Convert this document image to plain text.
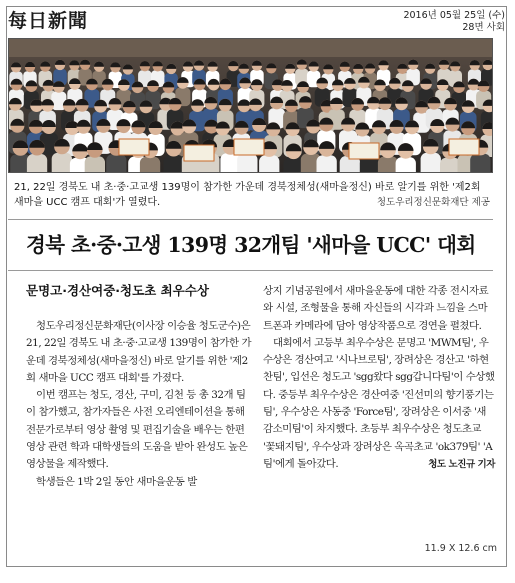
每日新聞	2016년 05월 25일 (수)
28면 사회
21, 22일 경북도 내 초·중·고교생 139명이 참가한 가운데 경북정체성(새마을정신) 바로 알기를 위한 '제2회 새마을 UCC 캠프 대회'가 열렸다.	청도우리정신문화재단 제공
경북 초·중·고생 139명 32개팀 '새마을 UCC' 대회
문명고·경산여중·청도초 최우수상
청도우리정신문화재단(이사장 이승율 청도군수)은 21, 22일 경북도 내 초·중·고교생 139명이 참가한 가운데 경북정체성(새마을정신) 바로 알기를 위한 '제2회 새마을 UCC 캠프 대회'를 가졌다.
이번 캠프는 청도, 경산, 구미, 김천 등 총 32개 팀이 참가했고, 참가자들은 사전 오리엔테이션을 통해 전문가로부터 영상 촬영 및 편집기술을 배우는 한편 영상 관련 학과 대학생들의 도움을 받아 완성도 높은 영상물을 제작했다.
학생들은 1박 2일 동안 새마을운동 발
상지 기념공원에서 새마을운동에 대한 각종 전시자료와 시설, 조형물을 통해 자신들의 시각과 느낌을 스마트폰과 카메라에 담아 영상작품으로 경연을 펼쳤다.
대회에서 고등부 최우수상은 문명고 'MWM팀', 우수상은 경산여고 '시나브로팀', 장려상은 경산고 '하현찬팀', 입선은 청도고 'sgg왔다 sgg갑니다팀'이 수상했다. 중등부 최우수상은 경산여중 '진선미의 향기풍기는팀', 우수상은 사동중 'Force팀', 장려상은 이서중 '새감소미팀'이 차지했다. 초등부 최우수상은 청도초교 '꽃돼지팀', 우수상과 장려상은 옥곡초교 'ok379팀' 'A팀'에게 돌아갔다.	청도 노진규 기자
11.9 X 12.6 cm
